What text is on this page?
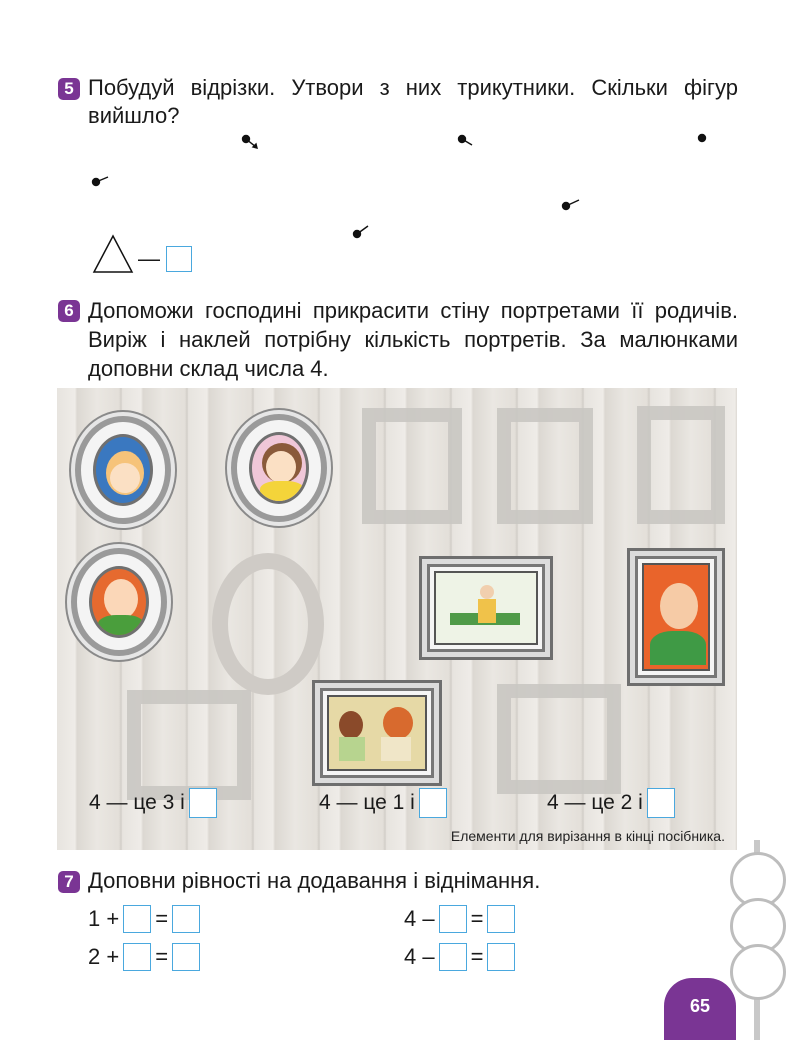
5 Побудуй відрізки. Утвори з них трикутники. Скільки фігур вийшло?
—
6 Допоможи господині прикрасити стіну портретами її родичів. Виріж і наклей потрібну кількість портретів. За малюнками доповни склад числа 4.
4 — це 3 і	4 — це 1 і	4 — це 2 і
Елементи для вирізання в кінці посібника.
7 Доповни рівності на додавання і віднімання.
1 + =
2 + =
4 – =
4 – =
65
